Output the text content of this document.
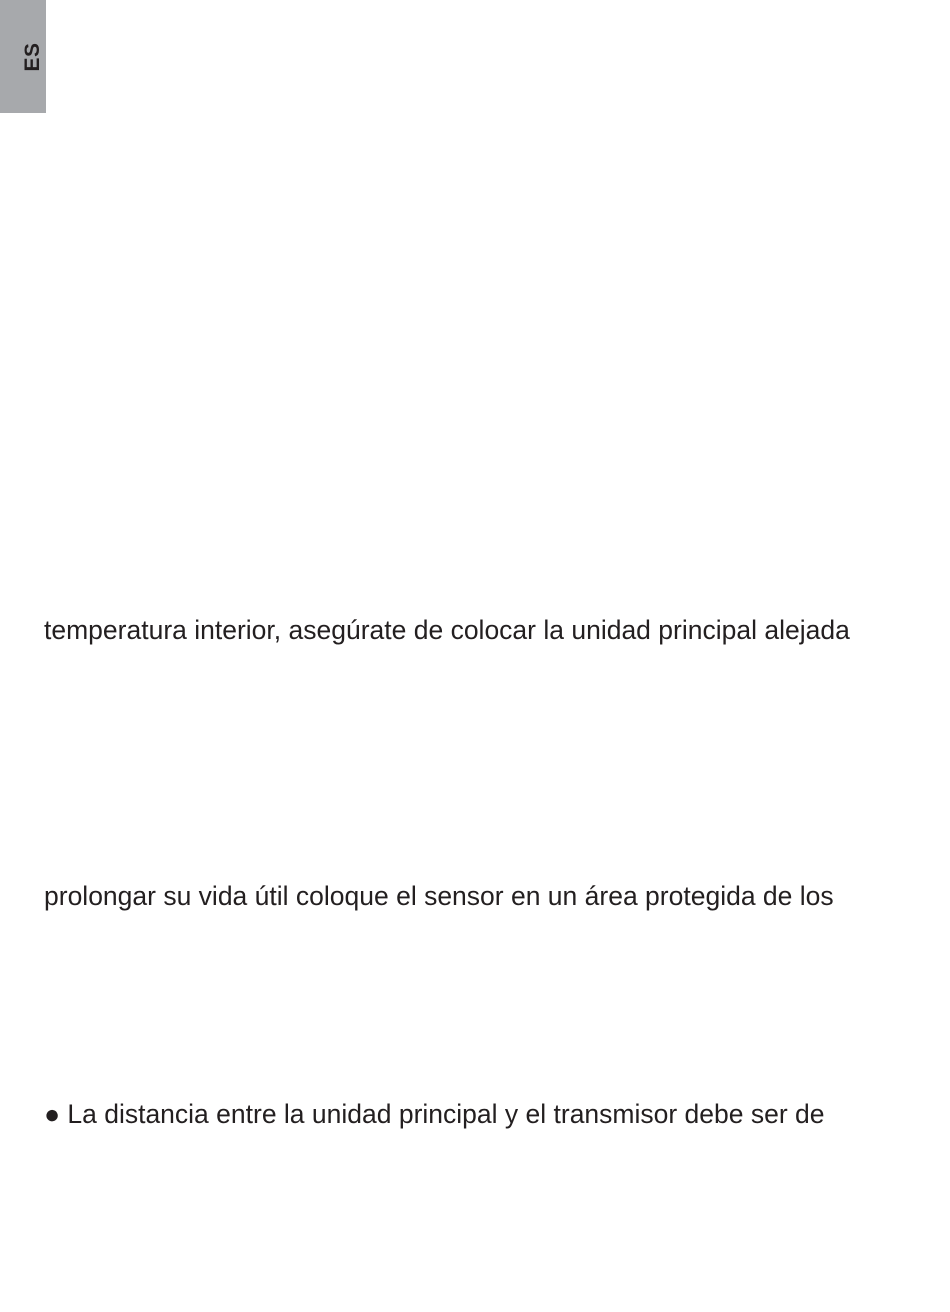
ES
temperatura interior, asegúrate de colocar la unidad principal alejada
prolongar su vida útil coloque el sensor en un área protegida de los
● La distancia entre la unidad principal y el transmisor debe ser de
